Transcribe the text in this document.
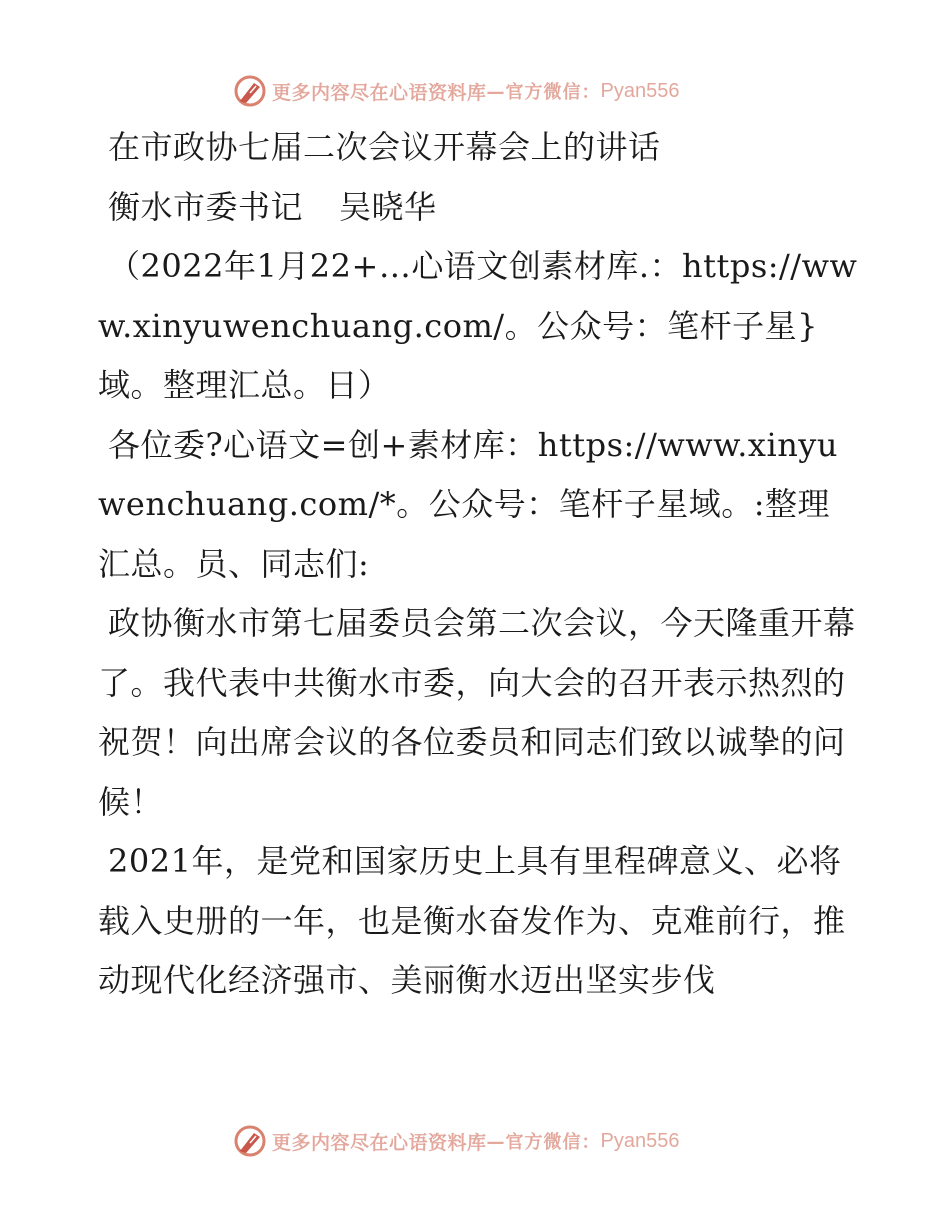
更多内容尽在心语资料库 —官方微信： Pyan556

在市政协七届二次会议开幕会上的讲话

衡水市委书记 吴晓华

（2022年1月22+…心语文创素材库.：https://www.xinyuwenchuang.com/。公众号：笔杆子星}域。整理汇总。日）

各位委?心语文=创+素材库：https://www.xinyuwenchuang.com/*。公众号：笔杆子星域。:整理汇总。员、同志们:

政协衡水市第七届委员会第二次会议，今天隆重开幕了。我代表中共衡水市委，向大会的召开表示热烈的祝贺！向出席会议的各位委员和同志们致以诚挚的问候！

2021年，是党和国家历史上具有里程碑意义、必将载入史册的一年，也是衡水奋发作为、克难前行，推动现代化经济强市、美丽衡水迈出坚实步伐

更多内容尽在心语资料库 —官方微信： Pyan556
